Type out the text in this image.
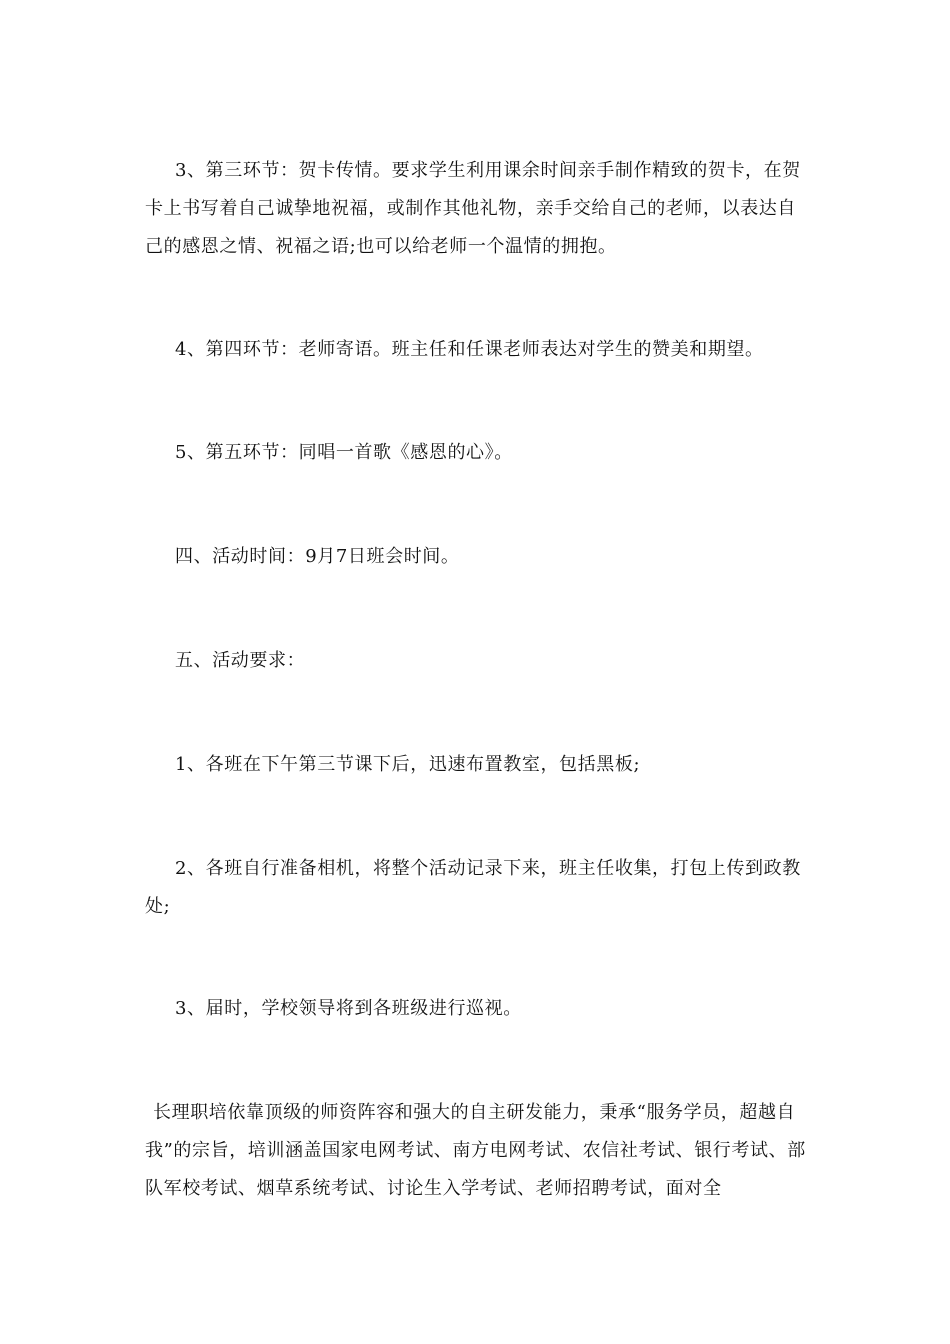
3、第三环节：贺卡传情。要求学生利用课余时间亲手制作精致的贺卡，在贺卡上书写着自己诚挚地祝福，或制作其他礼物，亲手交给自己的老师，以表达自己的感恩之情、祝福之语;也可以给老师一个温情的拥抱。

4、第四环节：老师寄语。班主任和任课老师表达对学生的赞美和期望。

5、第五环节：同唱一首歌《感恩的心》。

四、活动时间：9月7日班会时间。

五、活动要求：

1、各班在下午第三节课下后，迅速布置教室，包括黑板;

2、各班自行准备相机，将整个活动记录下来，班主任收集，打包上传到政教处;

3、届时，学校领导将到各班级进行巡视。

长理职培依靠顶级的师资阵容和强大的自主研发能力，秉承“服务学员，超越自我”的宗旨，培训涵盖国家电网考试、南方电网考试、农信社考试、银行考试、部队军校考试、烟草系统考试、讨论生入学考试、老师招聘考试，面对全
